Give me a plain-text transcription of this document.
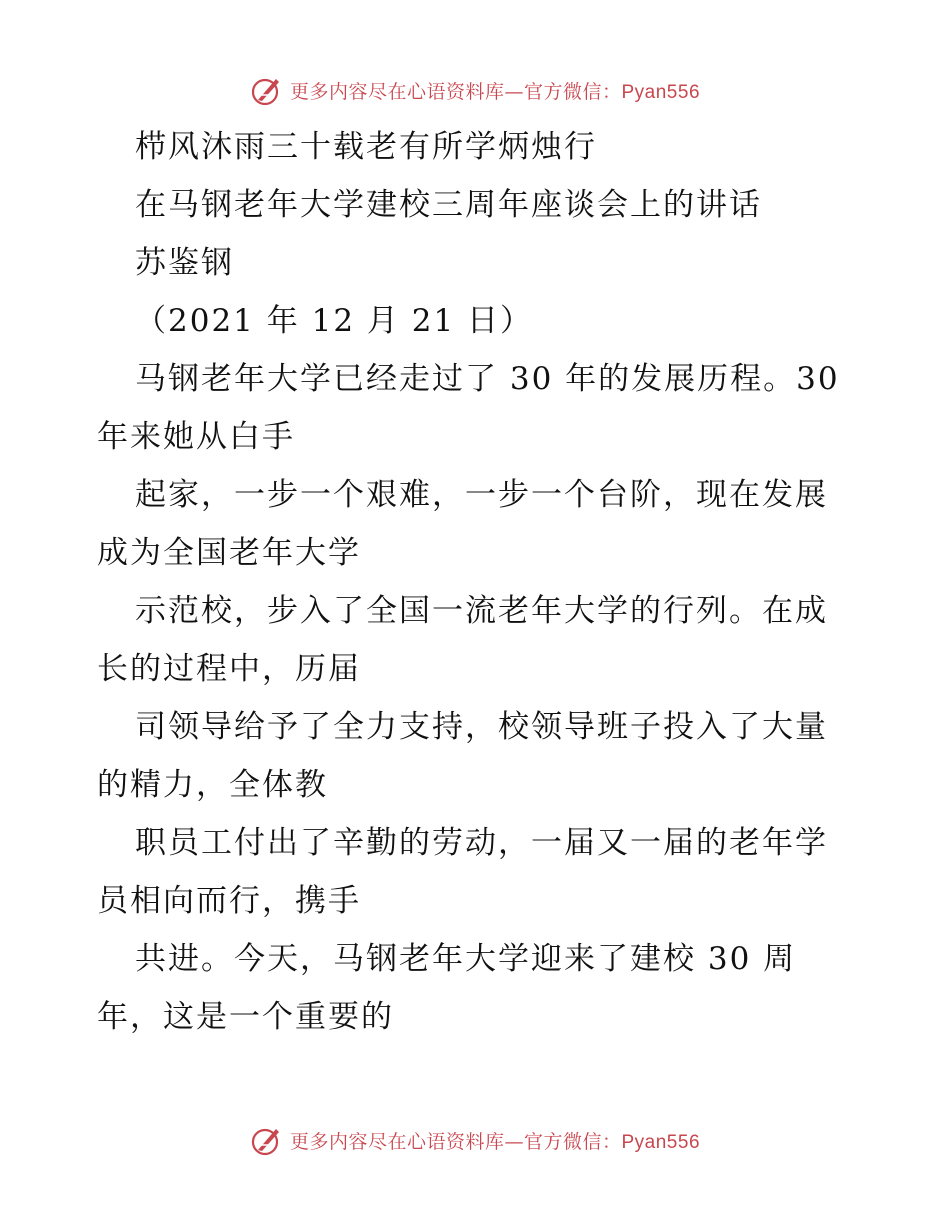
更多内容尽在心语资料库—官方微信：Pyan556
栉风沐雨三十载老有所学炳烛行
在马钢老年大学建校三周年座谈会上的讲话
苏鉴钢
（2021 年 12 月 21 日）
马钢老年大学已经走过了 30 年的发展历程。30
年来她从白手
起家，一步一个艰难，一步一个台阶，现在发展
成为全国老年大学
示范校，步入了全国一流老年大学的行列。在成
长的过程中，历届
司领导给予了全力支持，校领导班子投入了大量
的精力，全体教
职员工付出了辛勤的劳动，一届又一届的老年学
员相向而行，携手
共进。今天，马钢老年大学迎来了建校 30 周
年，这是一个重要的
更多内容尽在心语资料库—官方微信：Pyan556
